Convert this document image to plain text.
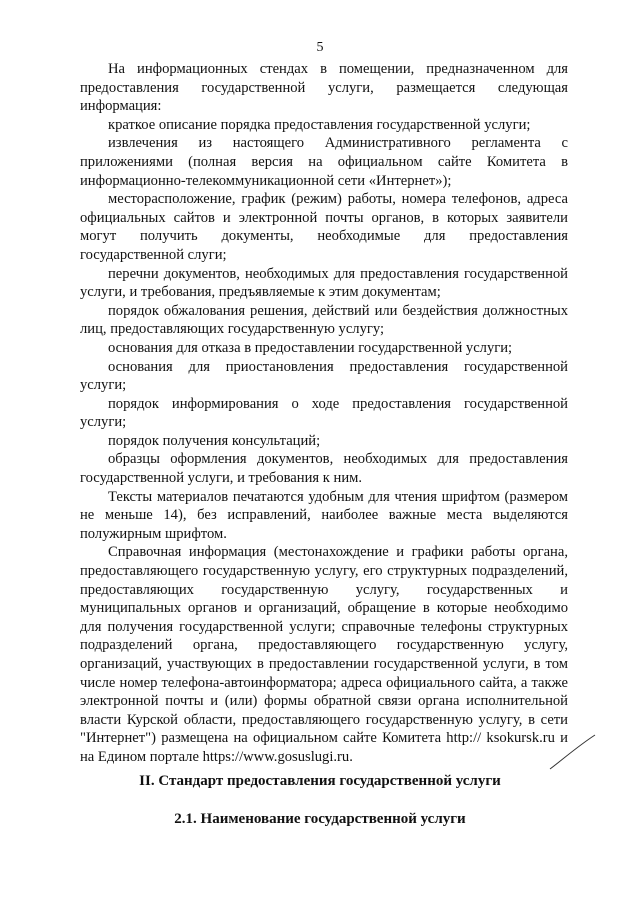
5

На информационных стендах в помещении, предназначенном для предоставления государственной услуги, размещается следующая информация:

краткое описание порядка предоставления государственной услуги;

извлечения из настоящего Административного регламента с приложениями (полная версия на официальном сайте Комитета в информационно-телекоммуникационной сети «Интернет»);

месторасположение, график (режим) работы, номера телефонов, адреса официальных сайтов и электронной почты органов, в которых заявители могут получить документы, необходимые для предоставления государственной слуги;

перечни документов, необходимых для предоставления государственной услуги, и требования, предъявляемые к этим документам;

порядок обжалования решения, действий или бездействия должностных лиц, предоставляющих государственную услугу;

основания для отказа в предоставлении государственной услуги;

основания для приостановления предоставления государственной услуги;

порядок информирования о ходе предоставления государственной услуги;

порядок получения консультаций;

образцы оформления документов, необходимых для предоставления государственной услуги, и требования к ним.

Тексты материалов печатаются удобным для чтения шрифтом (размером не меньше 14), без исправлений, наиболее важные места выделяются полужирным шрифтом.

Справочная информация (местонахождение и графики работы органа, предоставляющего государственную услугу, его структурных подразделений, предоставляющих государственную услугу, государственных и муниципальных органов и организаций, обращение в которые необходимо для получения государственной услуги; справочные телефоны структурных подразделений органа, предоставляющего государственную услугу, организаций, участвующих в предоставлении государственной услуги, в том числе номер телефона-автоинформатора; адреса официального сайта, а также электронной почты и (или) формы обратной связи органа исполнительной власти Курской области, предоставляющего государственную услугу, в сети "Интернет") размещена на официальном сайте Комитета http:// ksokursk.ru и на Едином портале https://www.gosuslugi.ru.

II. Стандарт предоставления государственной услуги
2.1. Наименование государственной услуги
